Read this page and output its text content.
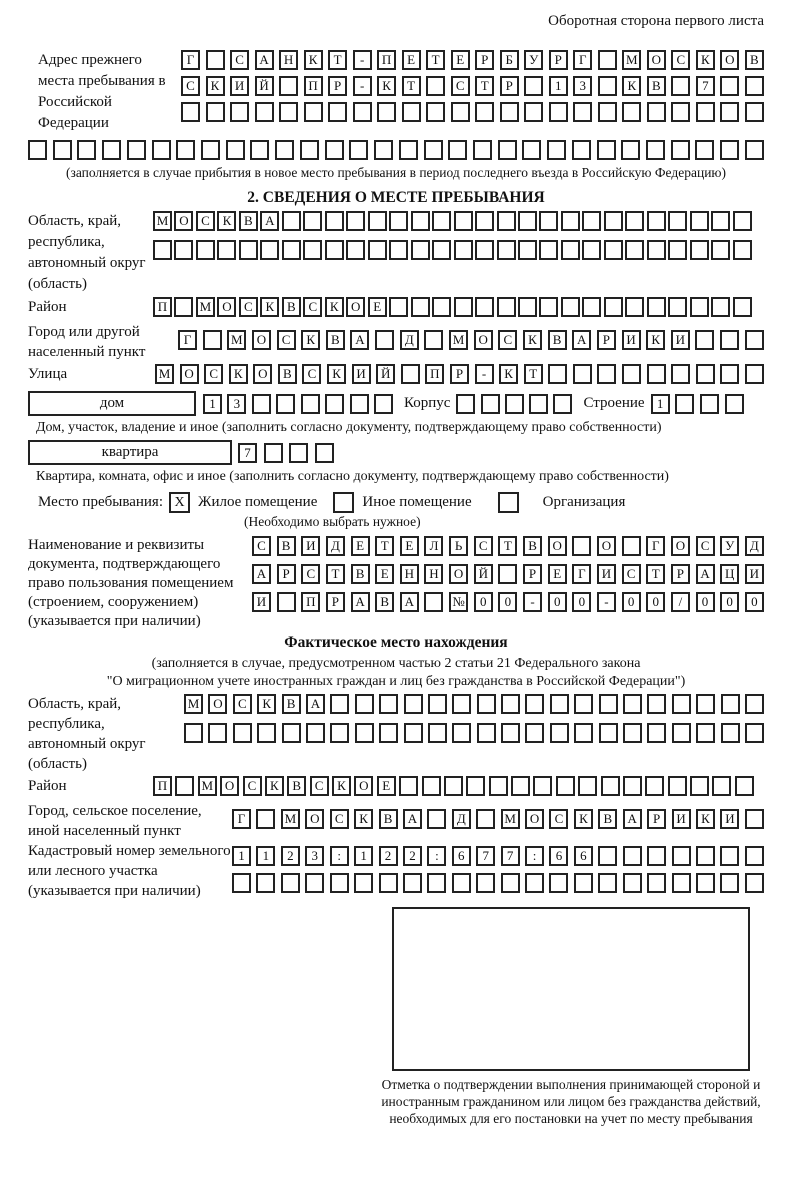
Оборотная сторона первого листа
Адрес прежнего места пребывания в Российской Федерации
Г	С	А	Н	К	Т	-	П	Е	Т	Е	Р	Б	У	Р	Г	М	О	С	К	О	В
С	К	И	Й	П	Р	-	К	Т	С	Т	Р	1	3	К	В	7
(заполняется в случае прибытия в новое место пребывания в период последнего въезда в Российскую Федерацию)
2. СВЕДЕНИЯ О МЕСТЕ ПРЕБЫВАНИЯ
Область, край, республика, автономный округ (область)
М О С К В А
Район	П	М О С К В С К О Е
Город или другой населенный пункт
Г	М	О	С	К	В	А	Д	М	О	С	К	В	А	Р	И	К	И
Улица	М	О	С	К	О	В	С	К	И	Й	П	Р	-	К	Т
дом	1	3	Корпус	Строение 1
Дом, участок, владение и иное (заполнить согласно документу, подтверждающему право собственности)
квартира	7
Квартира, комната, офис и иное (заполнить согласно документу, подтверждающему право собственности)
Место пребывания: X Жилое помещение	Иное помещение	Организация
(Необходимо выбрать нужное)
Наименование и реквизиты документа, подтверждающего право пользования помещением (строением, сооружением) (указывается при наличии)
С	В	И	Д	Е	Т	Е	Л	Ь	С	Т	В	О	О	Г	О	С	У	Д
А	Р	С	Т	В	Е	Н	Н	О	Й	Р	Е	Г	И	С	Т	Р	А	Ц	И
И	П	Р	А	В	А	№	0	0	-	0	0	-	0	0	/	0	0	0
Фактическое место нахождения
(заполняется в случае, предусмотренном частью 2 статьи 21 Федерального закона
"О миграционном учете иностранных граждан и лиц без гражданства в Российской Федерации")
Область, край, республика, автономный округ (область)
М	О	С	К	В	А
Район	П	М О	С	К	В	С	К	О	Е
Город, сельское поселение, иной населенный пункт
Г	М	О	С	К	В	А	Д	М	О	С	К	В	А	Р	И	К	И
Кадастровый номер земельного или лесного участка (указывается при наличии)
1	1	2	3	:	1	2	2	:	6	7	7	:	6	6
Отметка о подтверждении выполнения принимающей стороной и иностранным гражданином или лицом без гражданства действий, необходимых для его постановки на учет по месту пребывания
